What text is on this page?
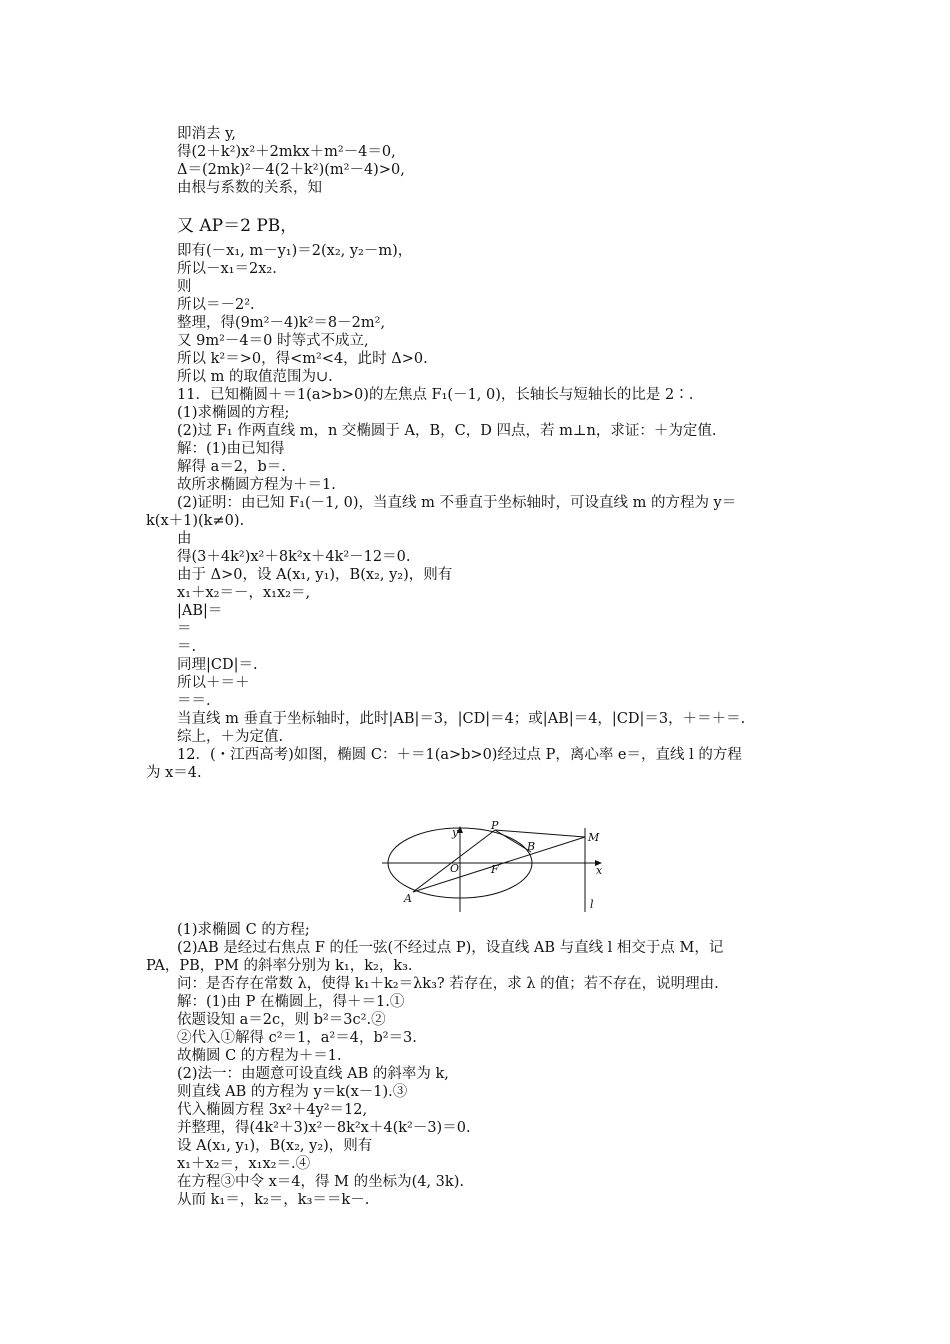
即消去 y,
得(2＋k²)x²＋2mkx＋m²－4＝0,
Δ＝(2mk)²－4(2＋k²)(m²－4)>0,
由根与系数的关系，知
又 AP＝2 PB，
即有(－x₁, m－y₁)＝2(x₂, y₂－m)，
所以－x₁＝2x₂.
则
所以＝－2².
整理，得(9m²－4)k²＝8－2m²,
又 9m²－4＝0 时等式不成立,
所以 k²＝>0，得<m²<4，此时 Δ>0.
所以 m 的取值范围为∪.
11．已知椭圆＋＝1(a>b>0)的左焦点 F₁(－1, 0)，长轴长与短轴长的比是 2∶.
(1)求椭圆的方程;
(2)过 F₁ 作两直线 m，n 交椭圆于 A，B，C，D 四点，若 m⊥n，求证：＋为定值.
解：(1)由已知得
解得 a＝2，b＝.
故所求椭圆方程为＋＝1.
(2)证明：由已知 F₁(－1, 0)，当直线 m 不垂直于坐标轴时，可设直线 m 的方程为 y＝
k(x＋1)(k≠0).
由
得(3＋4k²)x²＋8k²x＋4k²－12＝0.
由于 Δ>0，设 A(x₁, y₁)，B(x₂, y₂)，则有
x₁＋x₂＝－，x₁x₂＝,
|AB|＝
＝
＝.
同理|CD|＝.
所以＋＝＋
＝＝.
当直线 m 垂直于坐标轴时，此时|AB|＝3，|CD|＝4；或|AB|＝4，|CD|＝3，＋＝＋＝.
综上，＋为定值.
12．(・江西高考)如图，椭圆 C：＋＝1(a>b>0)经过点 P，离心率 e＝，直线 l 的方程
为 x＝4.
y
x
O	F
P
B
M
A	l
(1)求椭圆 C 的方程;
(2)AB 是经过右焦点 F 的任一弦(不经过点 P)，设直线 AB 与直线 l 相交于点 M，记
PA，PB，PM 的斜率分别为 k₁，k₂，k₃.
问：是否存在常数 λ，使得 k₁＋k₂＝λk₃? 若存在，求 λ 的值；若不存在，说明理由.
解：(1)由 P 在椭圆上，得＋＝1.①
依题设知 a＝2c，则 b²＝3c².②
②代入①解得 c²＝1，a²＝4，b²＝3.
故椭圆 C 的方程为＋＝1.
(2)法一：由题意可设直线 AB 的斜率为 k,
则直线 AB 的方程为 y＝k(x－1).③
代入椭圆方程 3x²＋4y²＝12,
并整理，得(4k²＋3)x²－8k²x＋4(k²－3)＝0.
设 A(x₁, y₁)，B(x₂, y₂)，则有
x₁＋x₂＝，x₁x₂＝.④
在方程③中令 x＝4，得 M 的坐标为(4, 3k).
从而 k₁＝，k₂＝，k₃＝＝k－.
